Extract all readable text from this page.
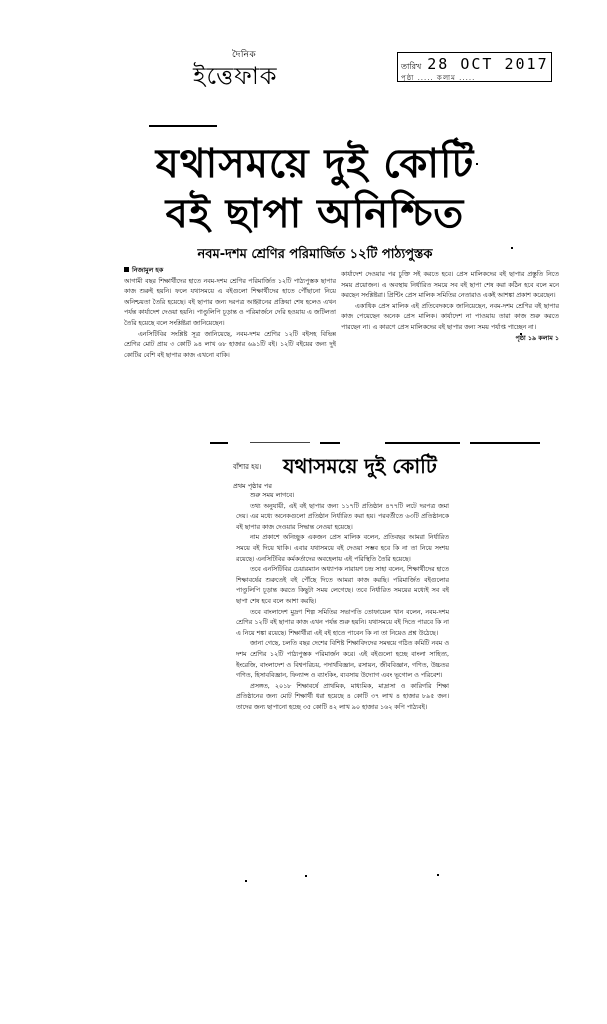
দৈনিক
ইত্তেফাক	তারিখ 28 OCT 2017
পৃষ্ঠা ..... কলাম .....
যথাসময়ে দুই কোটি
বই ছাপা অনিশ্চিত
নবম-দশম শ্রেণির পরিমার্জিত ১২টি পাঠ্যপুস্তক

নিজামুল হক

আগামী বছর শিক্ষার্থীদের হাতে নবম-দশম শ্রেণির পরিমার্জিত ১২টি পাঠ্যপুস্তক ছাপার কাজ শুরুই হয়নি। ফলে যথাসময়ে এ বইগুলো শিক্ষার্থীদের হাতে পৌঁছানো নিয়ে অনিশ্চয়তা তৈরি হয়েছে। বই ছাপার জন্য দরপত্র আহ্বানের প্রক্রিয়া শেষ হলেও এখন পর্যন্ত কার্যাদেশ দেওয়া হয়নি। পাণ্ডুলিপি চূড়ান্ত ও পরিমার্জনে দেরি হওয়ায় এ জটিলতা তৈরি হয়েছে বলে সংশ্লিষ্টরা জানিয়েছেন।

এনসিটিবির সংশ্লিষ্ট সূত্র জানিয়েছে, নবম-দশম শ্রেণির ১২টি বইসহ বিভিন্ন শ্রেণির মোট প্রায় ৩ কোটি ৯৪ লাখ ৬৮ হাজার ৬৯১টি বই। ১২টি বইয়ের জন্য দুই কোটির বেশি বই ছাপার কাজ এখনো বাকি।

কার্যাদেশ দেওয়ার পর চুক্তি সই করতে হবে। প্রেস মালিকদের বই ছাপার প্রস্তুতি নিতে সময় প্রয়োজন। এ অবস্থায় নির্ধারিত সময়ে সব বই ছাপা শেষ করা কঠিন হবে বলে মনে করছেন সংশ্লিষ্টরা। প্রিন্টিং প্রেস মালিক সমিতির নেতারাও একই আশঙ্কা প্রকাশ করেছেন।

একাধিক প্রেস মালিক এই প্রতিবেদককে জানিয়েছেন, নবম-দশম শ্রেণির বই ছাপার কাজ পেয়েছেন অনেক প্রেস মালিক। কার্যাদেশ না পাওয়ায় তারা কাজ শুরু করতে পারছেন না। এ কারণে প্রেস মালিকদের বই ছাপার জন্য সময় পর্যাপ্ত পাচ্ছেন না।

পৃষ্ঠা ১৯ কলাম ১

বাঁশার হয়। যথাসময়ে দুই কোটি
প্রথম পৃষ্ঠার পর

শুরু সময় লাগবে।

তথ্য অনুযায়ী, এই বই ছাপার জন্য ১১৭টি প্রতিষ্ঠান ৪৭৭টি লটে দরপত্র জমা দেয়। এর মধ্যে অনেকগুলো প্রতিষ্ঠান নির্ধারিত করা হয়। পরবর্তীতে ৬৩টি প্রতিষ্ঠানকে বই ছাপার কাজ দেওয়ার সিদ্ধান্ত নেওয়া হয়েছে।

নাম প্রকাশে অনিচ্ছুক একজন প্রেস মালিক বলেন, প্রতিবছর আমরা নির্ধারিত সময়ে বই দিয়ে থাকি। এবার যথাসময়ে বই দেওয়া সম্ভব হবে কি না তা নিয়ে সংশয় রয়েছে। এনসিটিবির কর্মকর্তাদের অবহেলায় এই পরিস্থিতি তৈরি হয়েছে।

তবে এনসিটিবির চেয়ারম্যান অধ্যাপক নারায়ণ চন্দ্র সাহা বলেন, শিক্ষার্থীদের হাতে শিক্ষাবর্ষের শুরুতেই বই পৌঁছে দিতে আমরা কাজ করছি। পরিমার্জিত বইগুলোর পাণ্ডুলিপি চূড়ান্ত করতে কিছুটা সময় লেগেছে। তবে নির্ধারিত সময়ের মধ্যেই সব বই ছাপা শেষ হবে বলে আশা করছি।

তবে বাংলাদেশ মুদ্রণ শিল্প সমিতির সভাপতি তোফায়েল খান বলেন, নবম-দশম শ্রেণির ১২টি বই ছাপার কাজ এখন পর্যন্ত শুরু হয়নি। যথাসময়ে বই দিতে পারবে কি না এ নিয়ে শঙ্কা রয়েছে। শিক্ষার্থীরা এই বই হাতে পাবেন কি না তা নিয়েও প্রশ্ন উঠেছে।

জানা গেছে, চলতি বছর দেশের বিশিষ্ট শিক্ষাবিদদের সমন্বয়ে গঠিত কমিটি নবম ও দশম শ্রেণির ১২টি পাঠ্যপুস্তক পরিমার্জন করে। এই বইগুলো হচ্ছে বাংলা সাহিত্য, ইংরেজি, বাংলাদেশ ও বিশ্বপরিচয়, পদার্থবিজ্ঞান, রসায়ন, জীববিজ্ঞান, গণিত, উচ্চতর গণিত, হিসাববিজ্ঞান, ফিন্যান্স ও ব্যাংকিং, ব্যবসায় উদ্যোগ এবং ভূগোল ও পরিবেশ।

প্রসঙ্গত, ২০১৮ শিক্ষাবর্ষে প্রাথমিক, মাধ্যমিক, মাদ্রাসা ও কারিগরি শিক্ষা প্রতিষ্ঠানের জন্য মোট শিক্ষার্থী ধরা হয়েছে ৪ কোটি ৩৭ লাখ ৪ হাজার ৮৯৫ জন। তাদের জন্য ছাপানো হচ্ছে ৩৫ কোটি ৪২ লাখ ৯০ হাজার ১৬২ কপি পাঠ্যবই।
